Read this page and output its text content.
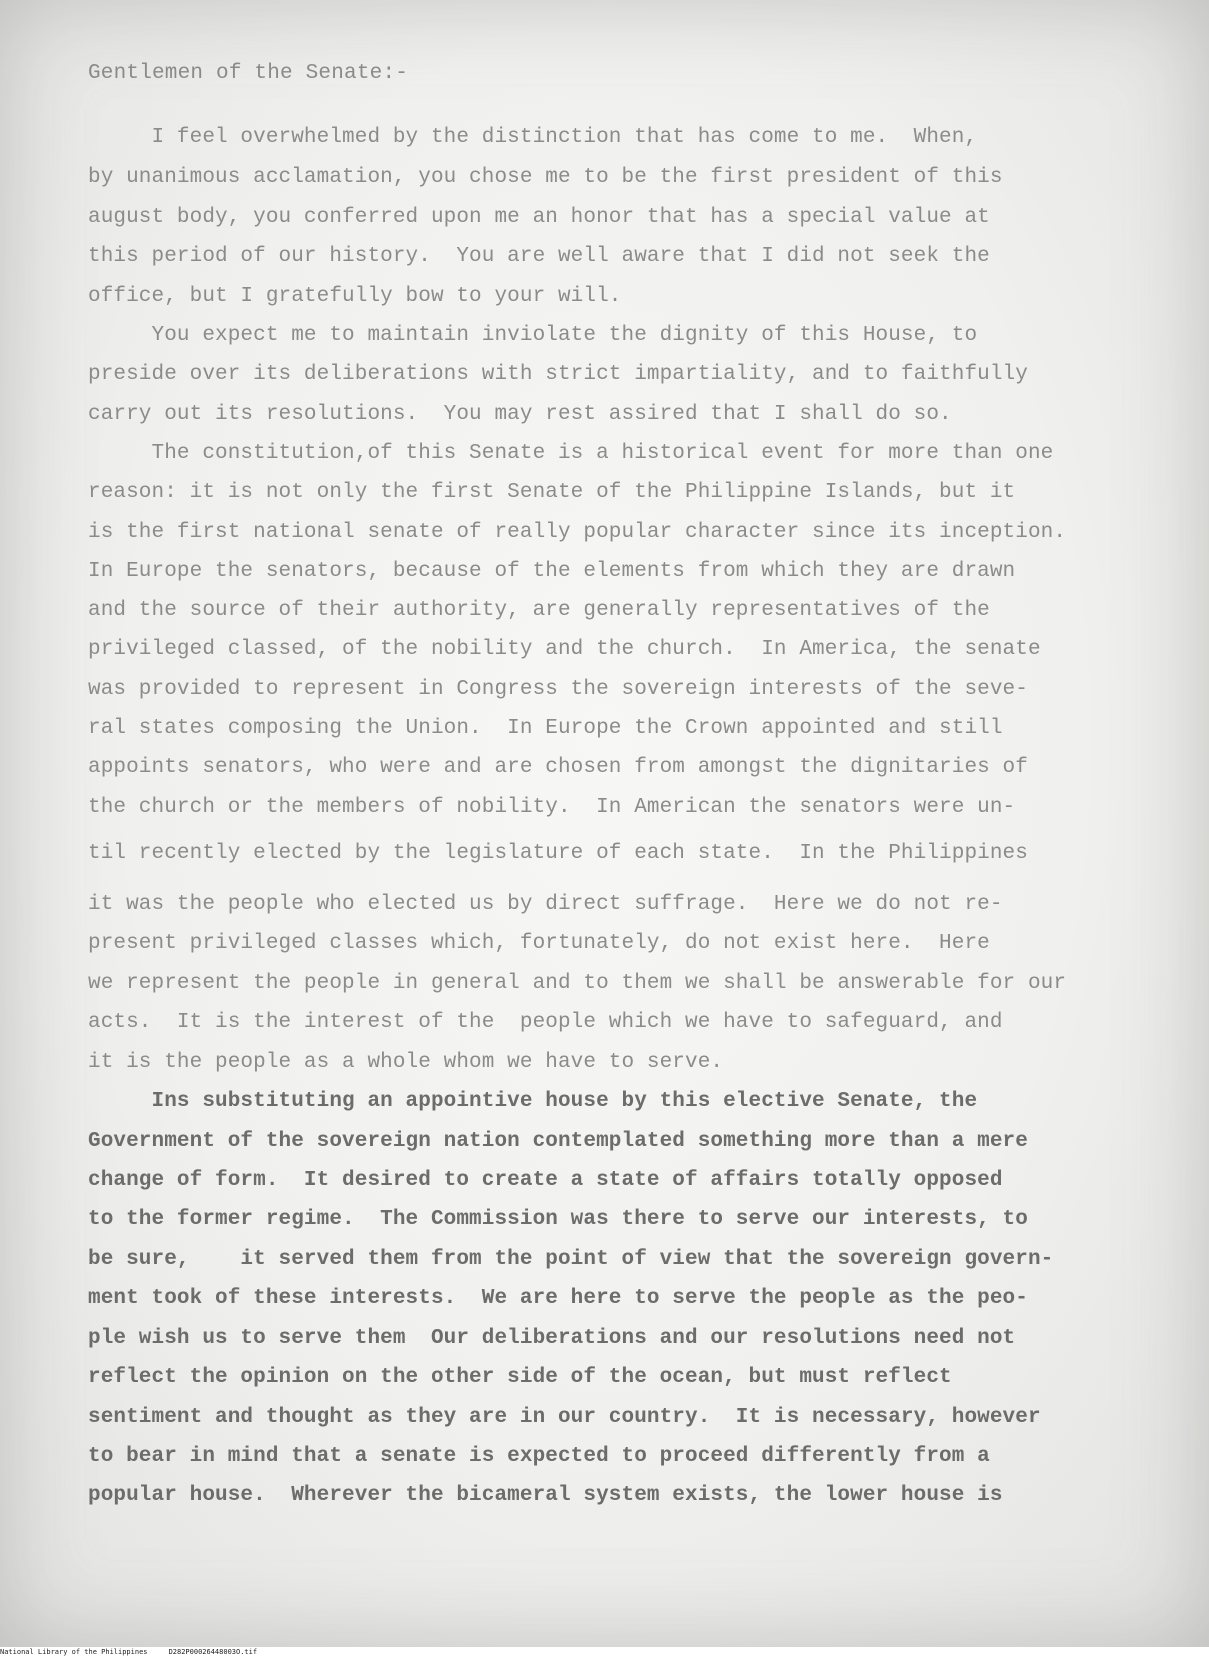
Gentlemen of the Senate:-
I feel overwhelmed by the distinction that has come to me.  When,
by unanimous acclamation, you chose me to be the first president of this
august body, you conferred upon me an honor that has a special value at
this period of our history.  You are well aware that I did not seek the
office, but I gratefully bow to your will.
You expect me to maintain inviolate the dignity of this House, to
preside over its deliberations with strict impartiality, and to faithfully
carry out its resolutions.  You may rest assired that I shall do so.
The constitution,of this Senate is a historical event for more than one
reason: it is not only the first Senate of the Philippine Islands, but it
is the first national senate of really popular character since its inception.
In Europe the senators, because of the elements from which they are drawn
and the source of their authority, are generally representatives of the
privileged classed, of the nobility and the church.  In America, the senate
was provided to represent in Congress the sovereign interests of the seve-
ral states composing the Union.  In Europe the Crown appointed and still
appoints senators, who were and are chosen from amongst the dignitaries of
the church or the members of nobility.  In American the senators were un-
til recently elected by the legislature of each state.  In the Philippines
it was the people who elected us by direct suffrage.  Here we do not re-
present privileged classes which, fortunately, do not exist here.  Here
we represent the people in general and to them we shall be answerable for our
acts.  It is the interest of the  people which we have to safeguard, and
it is the people as a whole whom we have to serve.
Ins substituting an appointive house by this elective Senate, the
Government of the sovereign nation contemplated something more than a mere
change of form.  It desired to create a state of affairs totally opposed
to the former regime.  The Commission was there to serve our interests, to
be sure,    it served them from the point of view that the sovereign govern-
ment took of these interests.  We are here to serve the people as the peo-
ple wish us to serve them  Our deliberations and our resolutions need not
reflect the opinion on the other side of the ocean, but must reflect
sentiment and thought as they are in our country.  It is necessary, however
to bear in mind that a senate is expected to proceed differently from a
popular house.  Wherever the bicameral system exists, the lower house is
National Library of the Philippines     D282P00026448003O.tif
